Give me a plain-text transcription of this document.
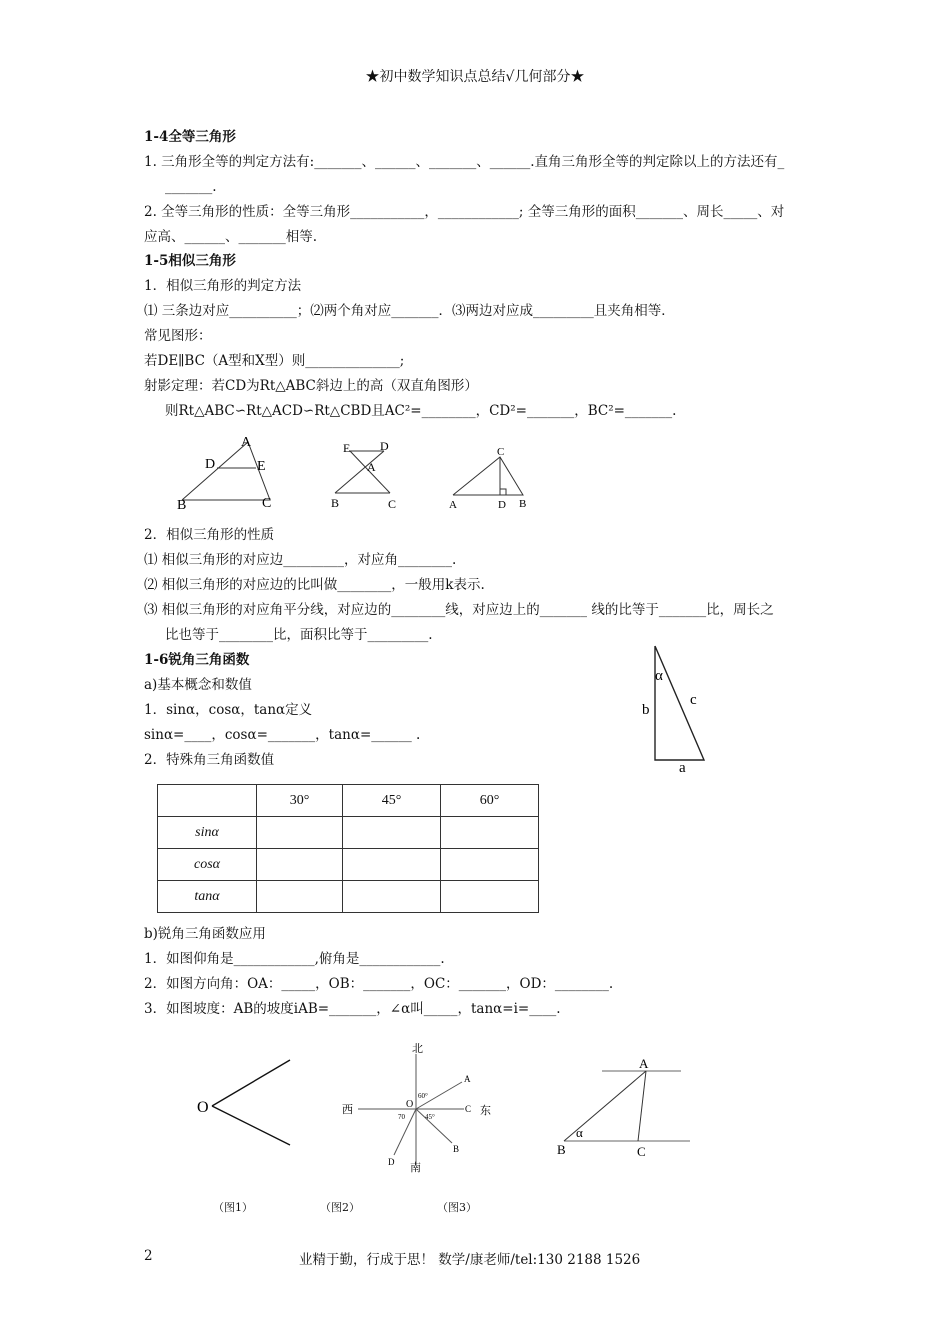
★初中数学知识点总结√几何部分★
1-4全等三角形
1. 三角形全等的判定方法有:_______、______、_______、______.直角三角形全等的判定除以上的方法还有_
_______.
2. 全等三角形的性质：全等三角形___________，____________; 全等三角形的面积_______、周长_____、对
应高、______、_______相等.
1-5相似三角形
1．相似三角形的判定方法
⑴ 三条边对应__________；⑵两个角对应_______．⑶两边对应成_________且夹角相等．
常见图形：
若DE∥BC（A型和X型）则______________;
射影定理：若CD为Rt△ABC斜边上的高（双直角图形）
则Rt△ABC∽Rt△ACD∽Rt△CBD且AC²=________，CD²=_______，BC²=_______.
A
D	E
B	C
E D
A
B	C
C
A	D B
2．相似三角形的性质
⑴ 相似三角形的对应边_________，对应角________.
⑵ 相似三角形的对应边的比叫做________，一般用k表示.
⑶ 相似三角形的对应角平分线，对应边的________线，对应边上的_______ 线的比等于_______比，周长之
比也等于________比，面积比等于_________.
1-6锐角三角函数
a)基本概念和数值
1．sinα，cosα，tanα定义
sinα=____，cosα=_______，tanα=______ .
2．特殊角三角函数值
α
b
c
a
	30°	45°	60°
sinα			
cosα			
tanα			
b)锐角三角函数应用
1．如图仰角是____________,俯角是____________.
2．如图方向角：OA：_____，OB：_______，OC：_______，OD：________.
3．如图坡度：AB的坡度iAB=_______，∠α叫_____，tanα=i=____.
O
北
南
西	东
O
A
B
C
D
60°
70	45°
A
B	C
α
（图1）	（图2）	（图3）
2	业精于勤，行成于思！ 数学/康老师/tel:130 2188 1526
